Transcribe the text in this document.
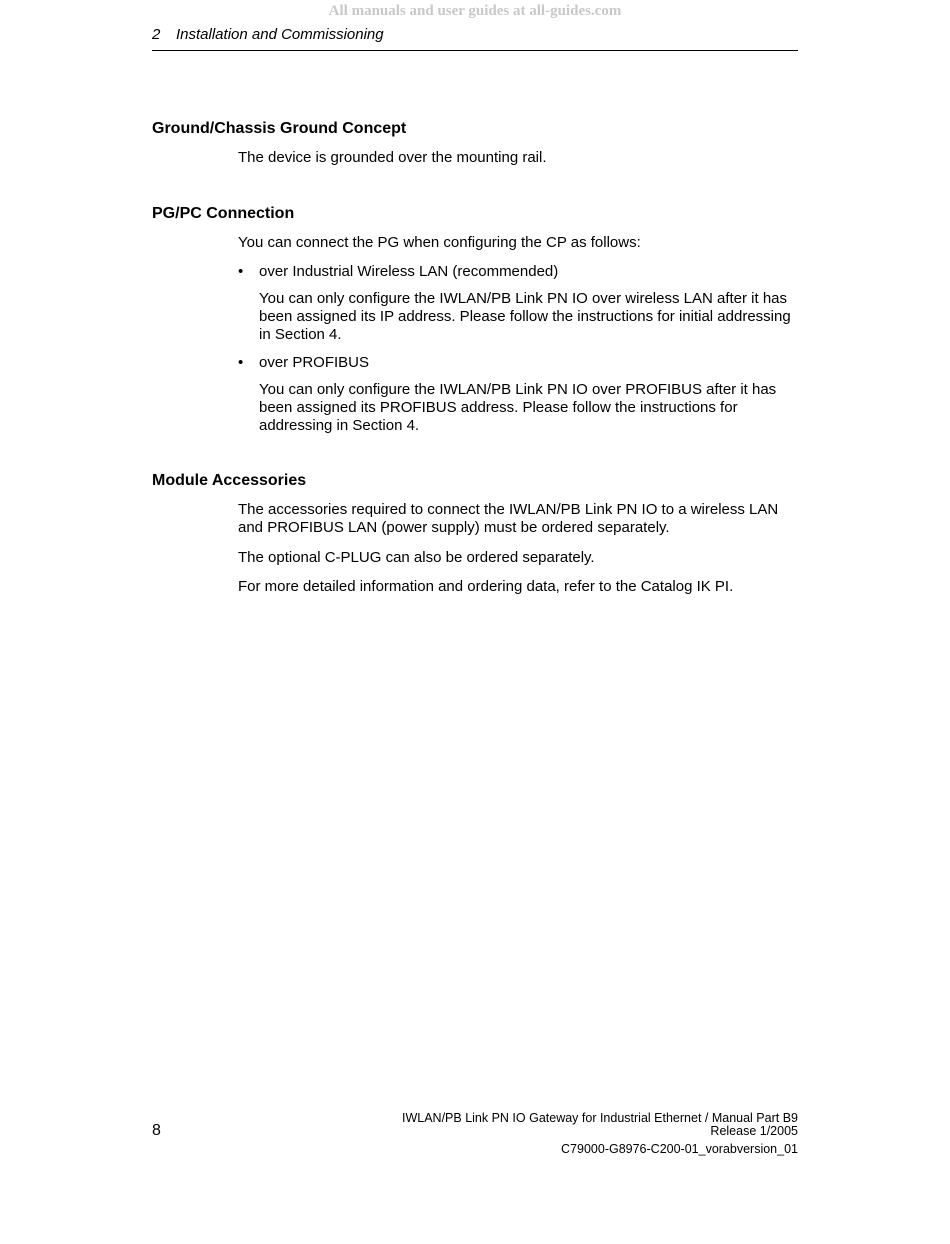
All manuals and user guides at all-guides.com
2 Installation and Commissioning
Ground/Chassis Ground Concept

The device is grounded over the mounting rail.

PG/PC Connection

You can connect the PG when configuring the CP as follows:

• over Industrial Wireless LAN (recommended)

You can only configure the IWLAN/PB Link PN IO over wireless LAN after it has been assigned its IP address. Please follow the instructions for initial addressing in Section 4.

• over PROFIBUS

You can only configure the IWLAN/PB Link PN IO over PROFIBUS after it has been assigned its PROFIBUS address. Please follow the instructions for addressing in Section 4.

Module Accessories

The accessories required to connect the IWLAN/PB Link PN IO to a wireless LAN and PROFIBUS LAN (power supply) must be ordered separately.

The optional C-PLUG can also be ordered separately.

For more detailed information and ordering data, refer to the Catalog IK PI.

8
IWLAN/PB Link PN IO Gateway for Industrial Ethernet / Manual Part B9
Release 1/2005
C79000-G8976-C200-01_vorabversion_01
